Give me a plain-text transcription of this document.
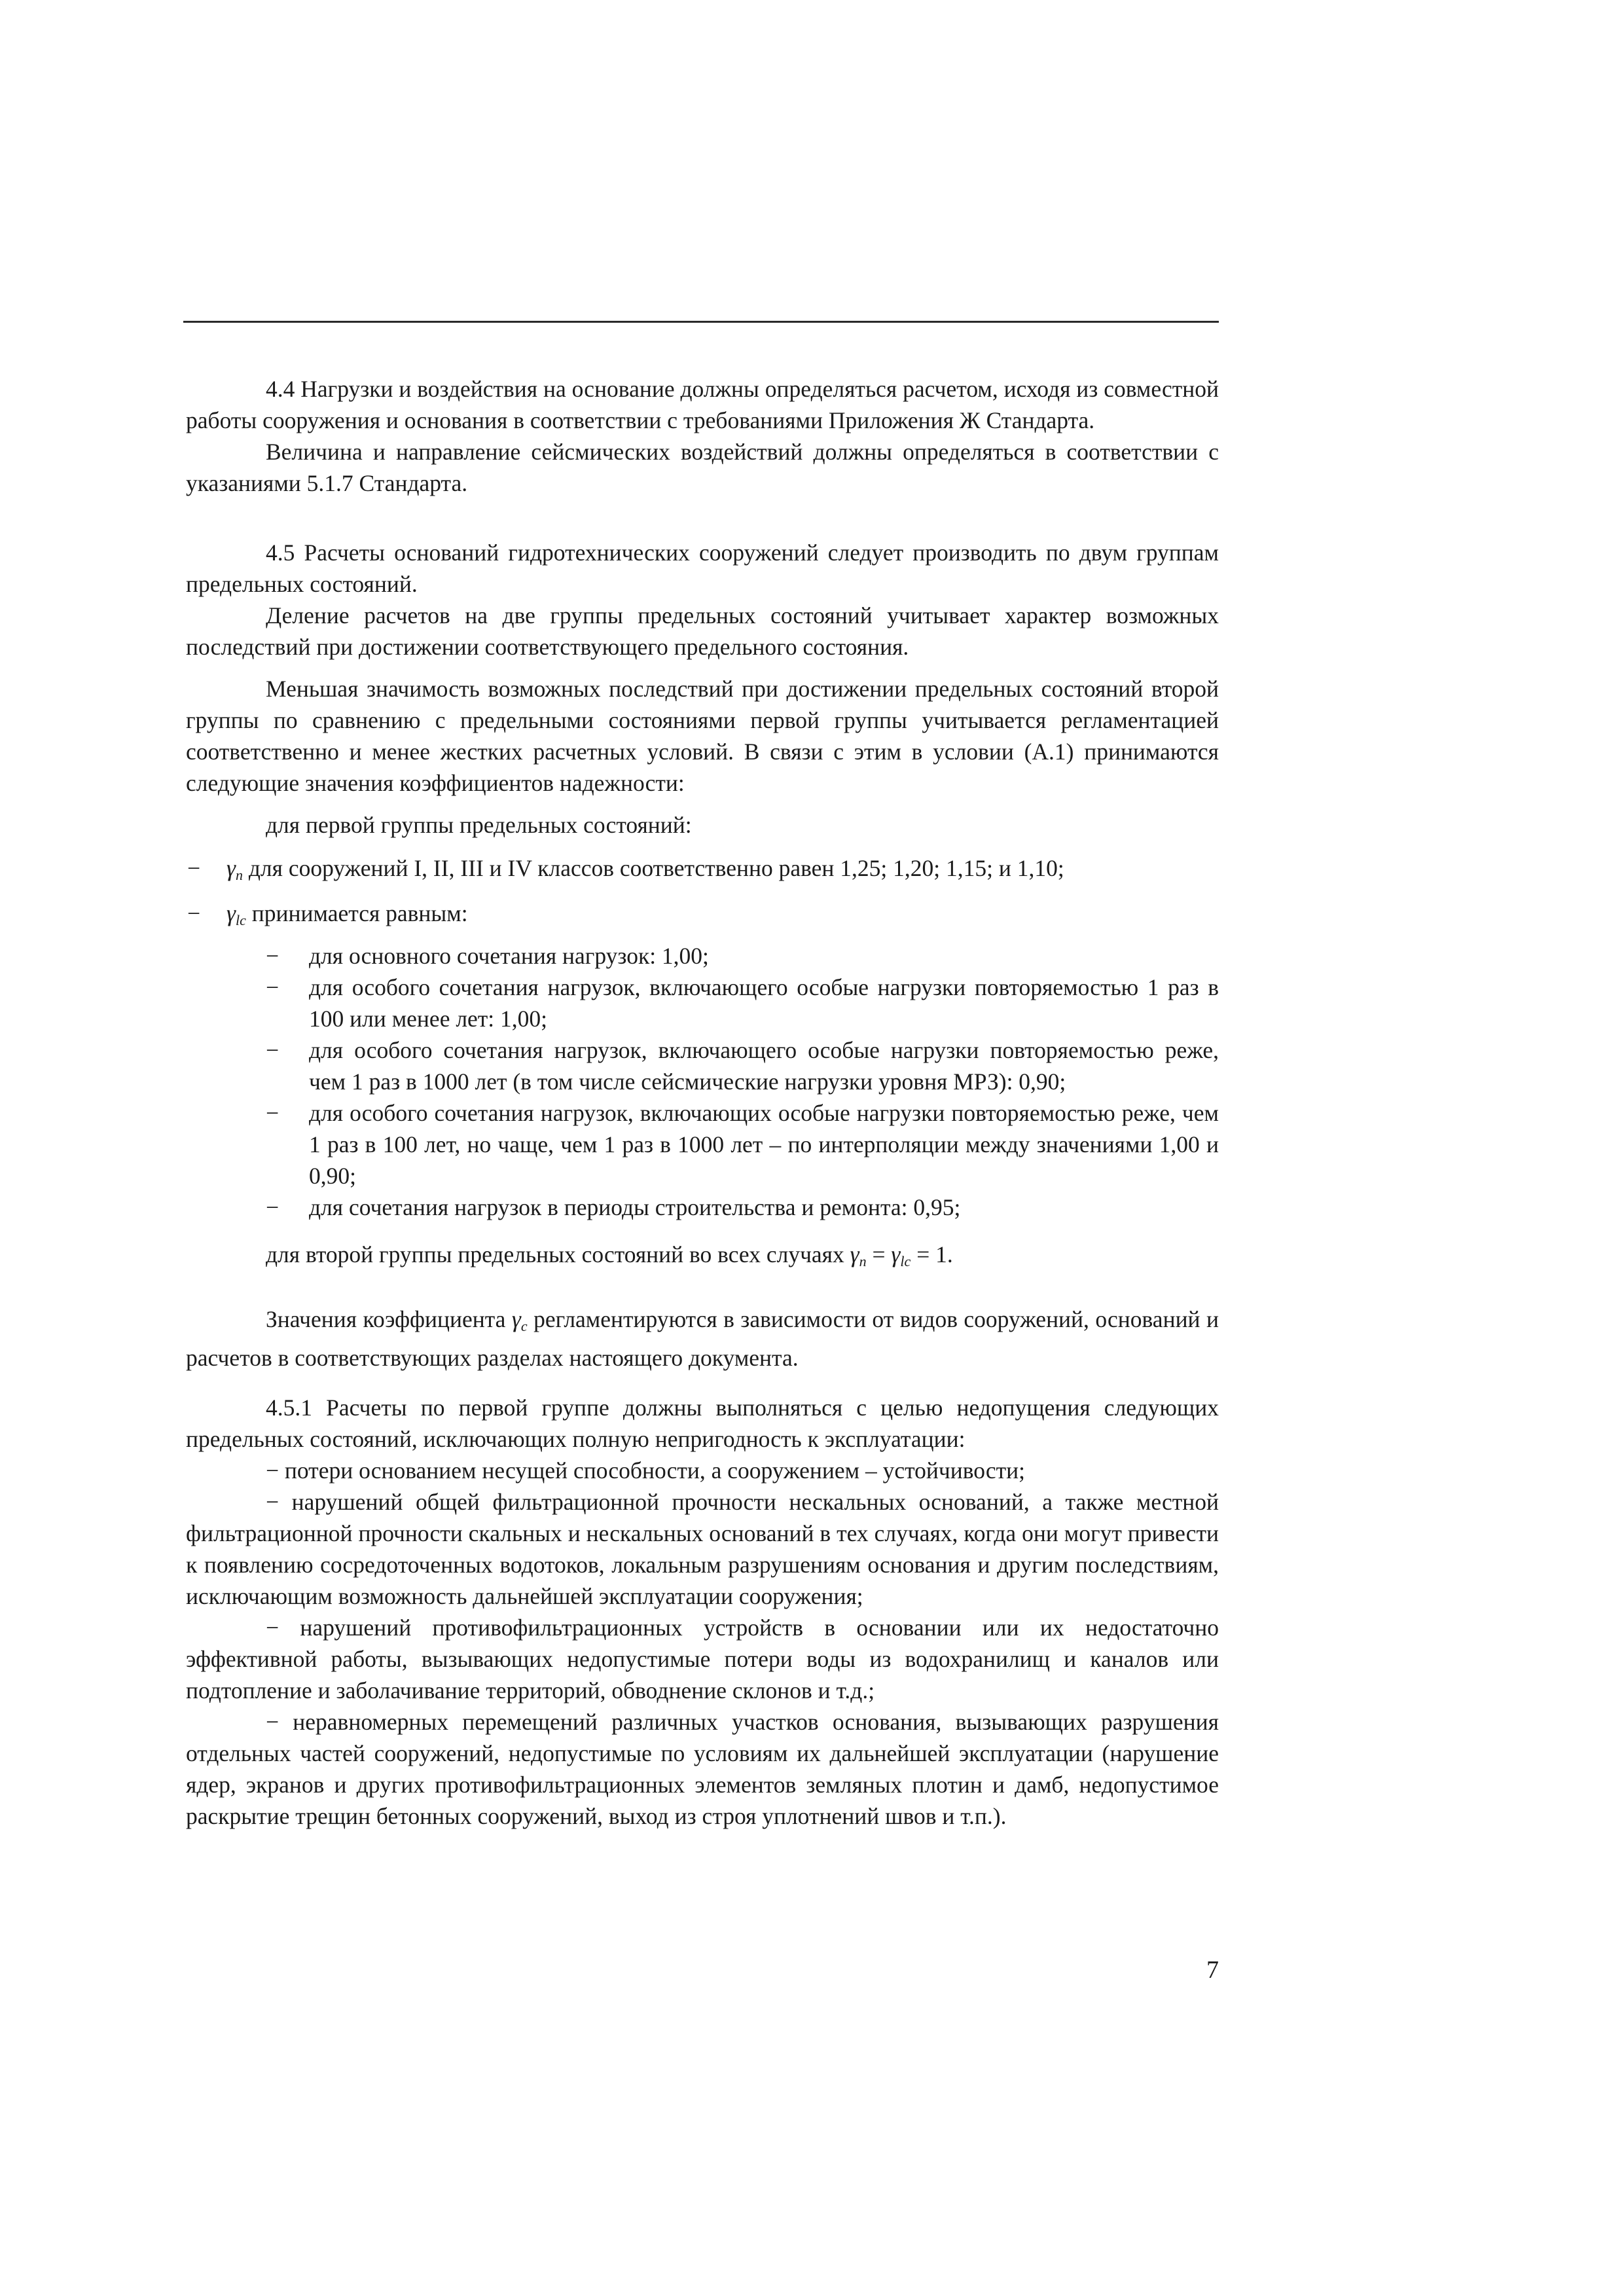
4.4 Нагрузки и воздействия на основание должны определяться расчетом, исходя из совместной работы сооружения и основания в соответствии с требованиями Приложения Ж Стандарта.

Величина и направление сейсмических воздействий должны определяться в соответствии с указаниями 5.1.7 Стандарта.

4.5 Расчеты оснований гидротехнических сооружений следует производить по двум группам предельных состояний.

Деление расчетов на две группы предельных состояний учитывает характер возможных последствий при достижении соответствующего предельного состояния.

Меньшая значимость возможных последствий при достижении предельных состояний второй группы по сравнению с предельными состояниями первой группы учитывается регламентацией соответственно и менее жестких расчетных условий. В связи с этим в условии (А.1) принимаются следующие значения коэффициентов надежности:

для первой группы предельных состояний:

− $\gamma_n$ для сооружений I, II, III и IV классов соответственно равен 1,25; 1,20; 1,15; и 1,10;
− $\gamma_{lc}$ принимается равным:
− для основного сочетания нагрузок: 1,00;
− для особого сочетания нагрузок, включающего особые нагрузки повторяемостью 1 раз в 100 или менее лет: 1,00;
− для особого сочетания нагрузок, включающего особые нагрузки повторяемостью реже, чем 1 раз в 1000 лет (в том числе сейсмические нагрузки уровня МРЗ): 0,90;
− для особого сочетания нагрузок, включающих особые нагрузки повторяемостью реже, чем 1 раз в 100 лет, но чаще, чем 1 раз в 1000 лет – по интерполяции между значениями 1,00 и 0,90;
− для сочетания нагрузок в периоды строительства и ремонта: 0,95;

для второй группы предельных состояний во всех случаях $\gamma_n = \gamma_{lc} = 1$.

Значения коэффициента $\gamma_c$ регламентируются в зависимости от видов сооружений, оснований и расчетов в соответствующих разделах настоящего документа.

4.5.1 Расчеты по первой группе должны выполняться с целью недопущения следующих предельных состояний, исключающих полную непригодность к эксплуатации:

− потери основанием несущей способности, а сооружением – устойчивости;

− нарушений общей фильтрационной прочности нескальных оснований, а также местной фильтрационной прочности скальных и нескальных оснований в тех случаях, когда они могут привести к появлению сосредоточенных водотоков, локальным разрушениям основания и другим последствиям, исключающим возможность дальнейшей эксплуатации сооружения;

− нарушений противофильтрационных устройств в основании или их недостаточно эффективной работы, вызывающих недопустимые потери воды из водохранилищ и каналов или подтопление и заболачивание территорий, обводнение склонов и т.д.;

− неравномерных перемещений различных участков основания, вызывающих разрушения отдельных частей сооружений, недопустимые по условиям их дальнейшей эксплуатации (нарушение ядер, экранов и других противофильтрационных элементов земляных плотин и дамб, недопустимое раскрытие трещин бетонных сооружений, выход из строя уплотнений швов и т.п.).

7
